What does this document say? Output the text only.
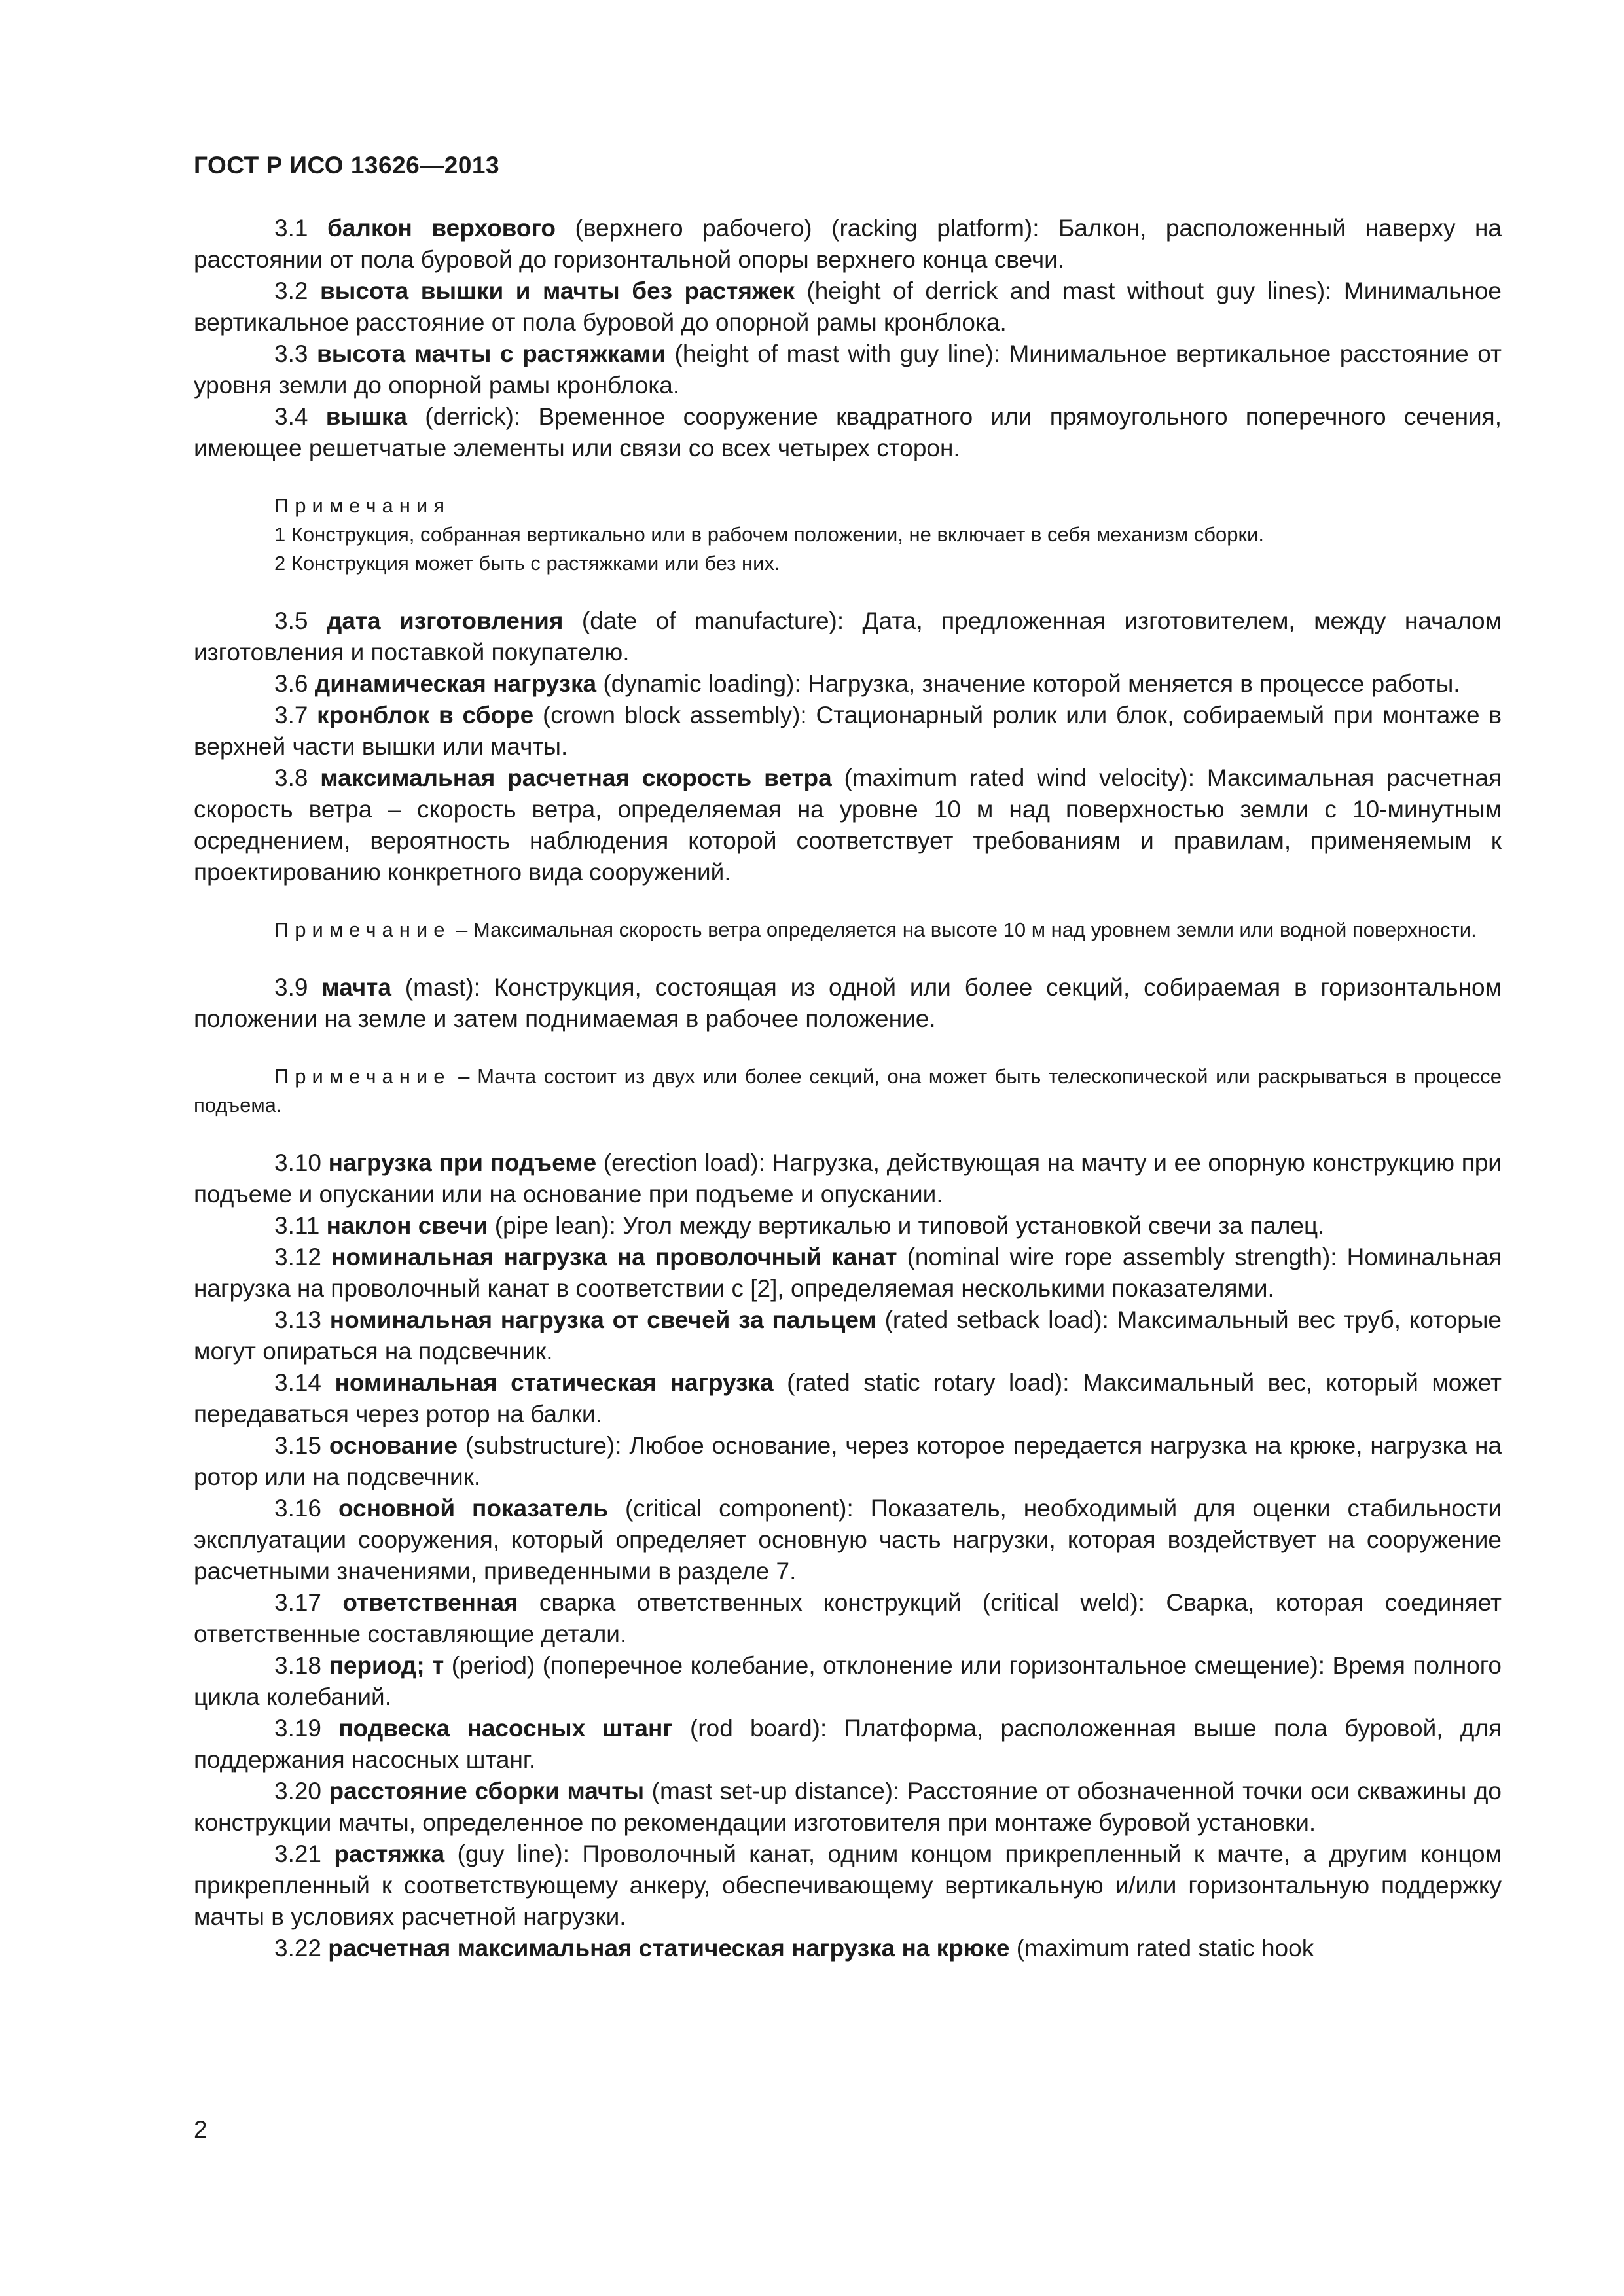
ГОСТ Р ИСО 13626—2013

3.1 балкон верхового (верхнего рабочего) (racking platform): Балкон, расположенный наверху на расстоянии от пола буровой до горизонтальной опоры верхнего конца свечи.

3.2 высота вышки и мачты без растяжек (height of derrick and mast without guy lines): Минимальное вертикальное расстояние от пола буровой до опорной рамы кронблока.

3.3 высота мачты с растяжками (height of mast with guy line): Минимальное вертикальное расстояние от уровня земли до опорной рамы кронблока.

3.4 вышка (derrick): Временное сооружение квадратного или прямоугольного поперечного сечения, имеющее решетчатые элементы или связи со всех четырех сторон.

Примечания
1 Конструкция, собранная вертикально или в рабочем положении, не включает в себя механизм сборки.
2 Конструкция может быть с растяжками или без них.

3.5 дата изготовления (date of manufacture): Дата, предложенная изготовителем, между началом изготовления и поставкой покупателю.

3.6 динамическая нагрузка (dynamic loading): Нагрузка, значение которой меняется в процессе работы.

3.7 кронблок в сборе (crown block assembly): Стационарный ролик или блок, собираемый при монтаже в верхней части вышки или мачты.

3.8 максимальная расчетная скорость ветра (maximum rated wind velocity): Максимальная расчетная скорость ветра – скорость ветра, определяемая на уровне 10 м над поверхностью земли с 10-минутным осреднением, вероятность наблюдения которой соответствует требованиям и правилам, применяемым к проектированию конкретного вида сооружений.

Примечание – Максимальная скорость ветра определяется на высоте 10 м над уровнем земли или водной поверхности.

3.9 мачта (mast): Конструкция, состоящая из одной или более секций, собираемая в горизонтальном положении на земле и затем поднимаемая в рабочее положение.

Примечание – Мачта состоит из двух или более секций, она может быть телескопической или раскрываться в процессе подъема.

3.10 нагрузка при подъеме (erection load): Нагрузка, действующая на мачту и ее опорную конструкцию при подъеме и опускании или на основание при подъеме и опускании.

3.11 наклон свечи (pipe lean): Угол между вертикалью и типовой установкой свечи за палец.

3.12 номинальная нагрузка на проволочный канат (nominal wire rope assembly strength): Номинальная нагрузка на проволочный канат в соответствии с [2], определяемая несколькими показателями.

3.13 номинальная нагрузка от свечей за пальцем (rated setback load): Максимальный вес труб, которые могут опираться на подсвечник.

3.14 номинальная статическая нагрузка (rated static rotary load): Максимальный вес, который может передаваться через ротор на балки.

3.15 основание (substructure): Любое основание, через которое передается нагрузка на крюке, нагрузка на ротор или на подсвечник.

3.16 основной показатель (critical component): Показатель, необходимый для оценки стабильности эксплуатации сооружения, который определяет основную часть нагрузки, которая воздействует на сооружение расчетными значениями, приведенными в разделе 7.

3.17 ответственная сварка ответственных конструкций (critical weld): Сварка, которая соединяет ответственные составляющие детали.

3.18 период; т (period) (поперечное колебание, отклонение или горизонтальное смещение): Время полного цикла колебаний.

3.19 подвеска насосных штанг (rod board): Платформа, расположенная выше пола буровой, для поддержания насосных штанг.

3.20 расстояние сборки мачты (mast set-up distance): Расстояние от обозначенной точки оси скважины до конструкции мачты, определенное по рекомендации изготовителя при монтаже буровой установки.

3.21 растяжка (guy line): Проволочный канат, одним концом прикрепленный к мачте, а другим концом прикрепленный к соответствующему анкеру, обеспечивающему вертикальную и/или горизонтальную поддержку мачты в условиях расчетной нагрузки.

3.22 расчетная максимальная статическая нагрузка на крюке (maximum rated static hook

2
